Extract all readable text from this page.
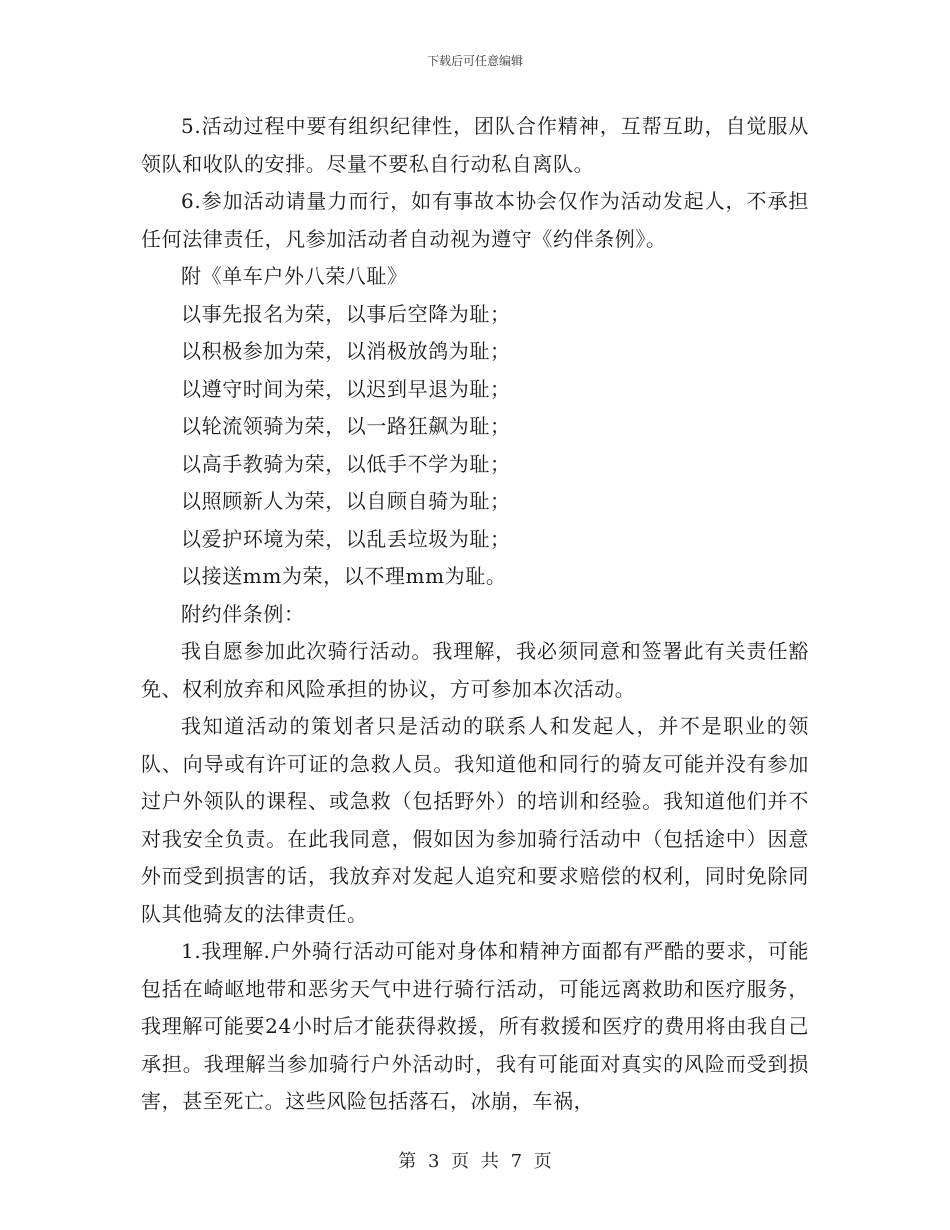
下载后可任意编辑

5.活动过程中要有组织纪律性，团队合作精神，互帮互助，自觉服从领队和收队的安排。尽量不要私自行动私自离队。

6.参加活动请量力而行，如有事故本协会仅作为活动发起人，不承担任何法律责任，凡参加活动者自动视为遵守《约伴条例》。

附《单车户外八荣八耻》

以事先报名为荣，以事后空降为耻；

以积极参加为荣，以消极放鸽为耻；

以遵守时间为荣，以迟到早退为耻；

以轮流领骑为荣，以一路狂飙为耻；

以高手教骑为荣，以低手不学为耻；

以照顾新人为荣，以自顾自骑为耻；

以爱护环境为荣，以乱丢垃圾为耻；

以接送mm为荣，以不理mm为耻。

附约伴条例：

我自愿参加此次骑行活动。我理解，我必须同意和签署此有关责任豁免、权利放弃和风险承担的协议，方可参加本次活动。

我知道活动的策划者只是活动的联系人和发起人，并不是职业的领队、向导或有许可证的急救人员。我知道他和同行的骑友可能并没有参加过户外领队的课程、或急救（包括野外）的培训和经验。我知道他们并不对我安全负责。在此我同意，假如因为参加骑行活动中（包括途中）因意外而受到损害的话，我放弃对发起人追究和要求赔偿的权利，同时免除同队其他骑友的法律责任。

1.我理解.户外骑行活动可能对身体和精神方面都有严酷的要求，可能包括在崎岖地带和恶劣天气中进行骑行活动，可能远离救助和医疗服务，我理解可能要24小时后才能获得救援，所有救援和医疗的费用将由我自己承担。我理解当参加骑行户外活动时，我有可能面对真实的风险而受到损害，甚至死亡。这些风险包括落石，冰崩，车祸，

第 3 页 共 7 页
